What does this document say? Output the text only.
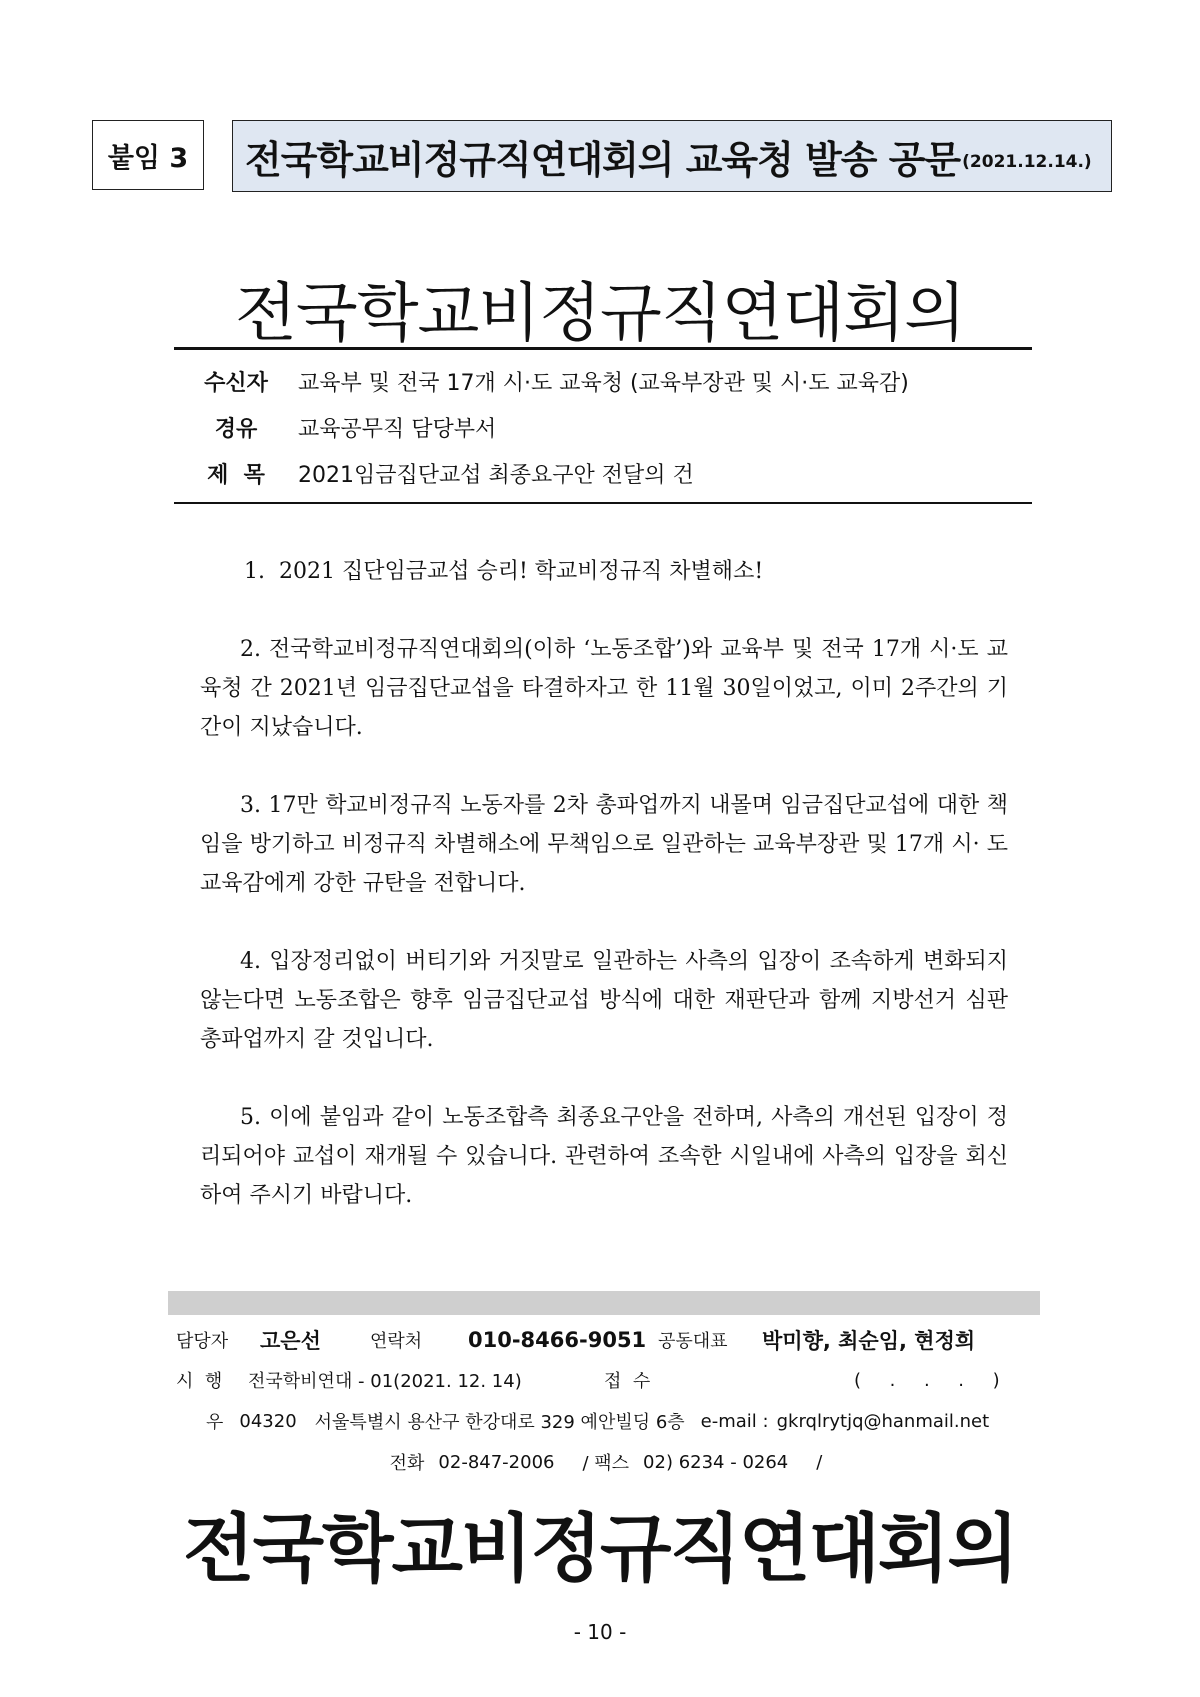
붙임 3	전국학교비정규직연대회의 교육청 발송 공문 (2021.12.14.)
전국학교비정규직연대회의
수신자	교육부 및 전국 17개 시·도 교육청 (교육부장관 및 시·도 교육감)
경유	교육공무직 담당부서
제  목	2021임금집단교섭 최종요구안 전달의 건

1.  2021 집단임금교섭 승리! 학교비정규직 차별해소!

2. 전국학교비정규직연대회의(이하 ‘노동조합’)와 교육부 및 전국 17개 시·도 교육청 간 2021년 임금집단교섭을 타결하자고 한 11월 30일이었고, 이미 2주간의 기간이 지났습니다.

3. 17만 학교비정규직 노동자를 2차 총파업까지 내몰며 임금집단교섭에 대한 책임을 방기하고 비정규직 차별해소에 무책임으로 일관하는 교육부장관 및 17개 시· 도 교육감에게 강한 규탄을 전합니다.

4. 입장정리없이 버티기와 거짓말로 일관하는 사측의 입장이 조속하게 변화되지 않는다면 노동조합은 향후 임금집단교섭 방식에 대한 재판단과 함께 지방선거 심판 총파업까지 갈 것입니다.

5. 이에 붙임과 같이 노동조합측 최종요구안을 전하며, 사측의 개선된 입장이 정리되어야 교섭이 재개될 수 있습니다. 관련하여 조속한 시일내에 사측의 입장을 회신하여 주시기 바랍니다.

담당자	고은선	연락처	010-8466-9051 공동대표	박미향, 최순임, 현정희
시  행	전국학비연대 - 01(2021. 12. 14)	접  수	(     .     .     .     )
우 04320 서울특별시 용산구 한강대로 329 예안빌딩 6층 e-mail : gkrqlrytjq@hanmail.net
전화 02-847-2006 / 팩스 02) 6234 - 0264 /
전국학교비정규직연대회의
- 10 -
